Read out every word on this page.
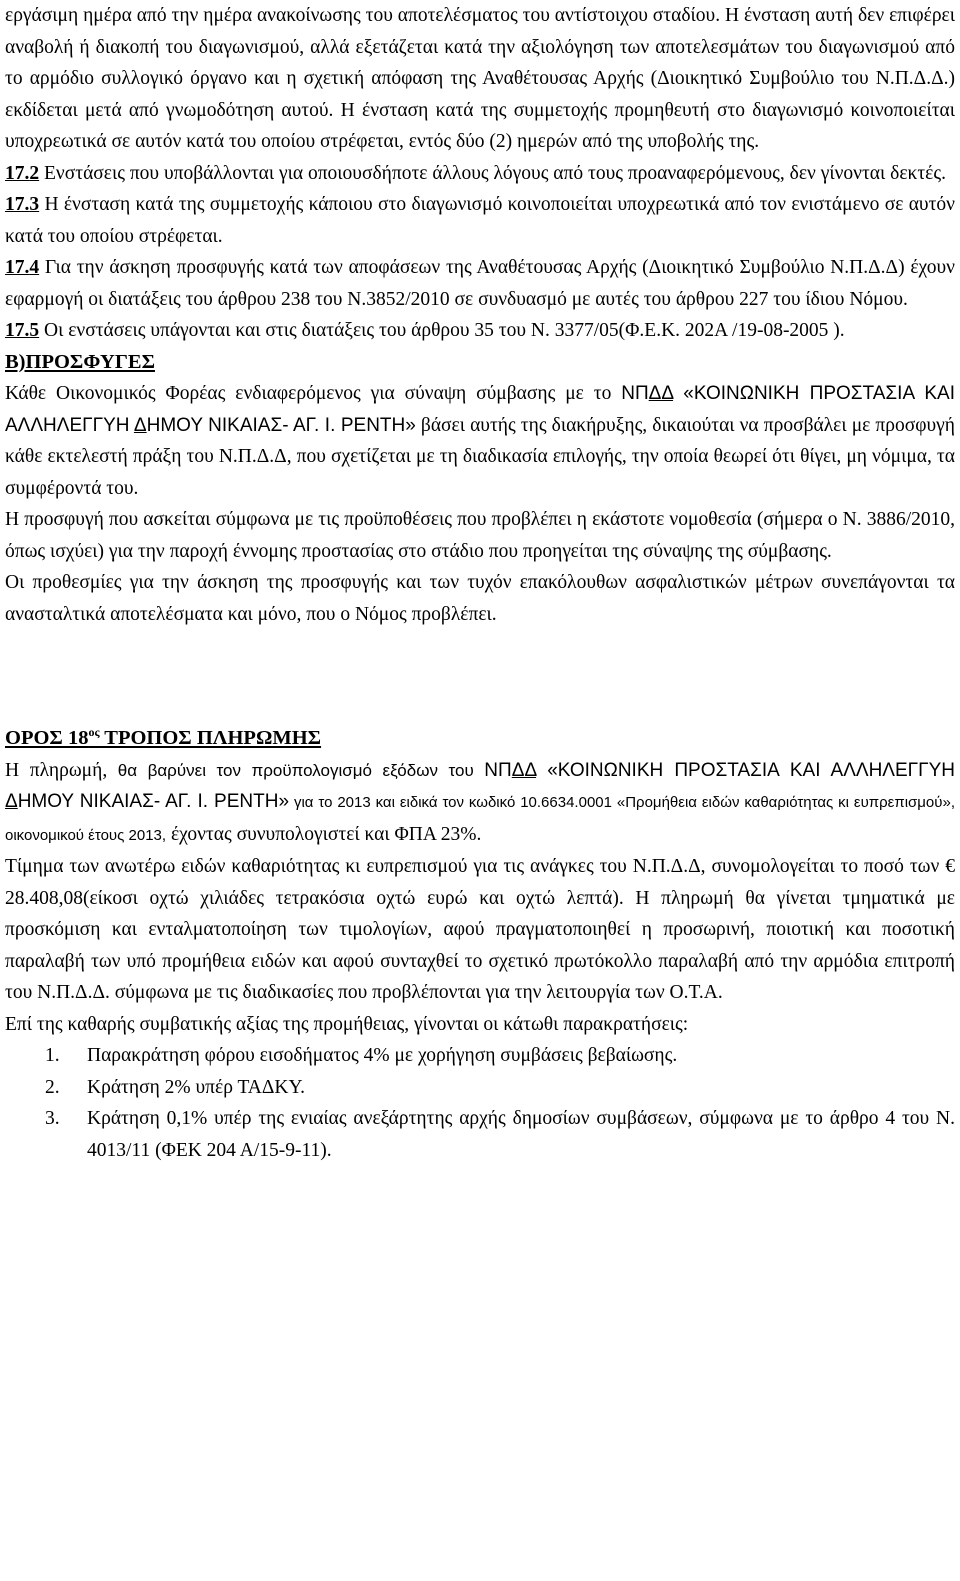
εργάσιμη ημέρα από την ημέρα ανακοίνωσης του αποτελέσματος του αντίστοιχου σταδίου. Η ένσταση αυτή δεν επιφέρει αναβολή ή διακοπή του διαγωνισμού, αλλά εξετάζεται κατά την αξιολόγηση των αποτελεσμάτων του διαγωνισμού από το αρμόδιο συλλογικό όργανο και η σχετική απόφαση της Αναθέτουσας Αρχής (Διοικητικό Συμβούλιο του Ν.Π.Δ.Δ.) εκδίδεται μετά από γνωμοδότηση αυτού. Η ένσταση κατά της συμμετοχής προμηθευτή στο διαγωνισμό κοινοποιείται υποχρεωτικά σε αυτόν κατά του οποίου στρέφεται, εντός δύο (2) ημερών από της υποβολής της.

17.2 Ενστάσεις που υποβάλλονται για οποιουσδήποτε άλλους λόγους από τους προαναφερόμενους, δεν γίνονται δεκτές.

17.3 Η ένσταση κατά της συμμετοχής κάποιου στο διαγωνισμό κοινοποιείται υποχρεωτικά από τον ενιστάμενο σε αυτόν κατά του οποίου στρέφεται.

17.4 Για την άσκηση προσφυγής κατά των αποφάσεων της Αναθέτουσας Αρχής (Διοικητικό Συμβούλιο Ν.Π.Δ.Δ) έχουν εφαρμογή οι διατάξεις του άρθρου 238 του Ν.3852/2010 σε συνδυασμό με αυτές του άρθρου 227 του ίδιου Νόμου.

17.5 Οι ενστάσεις υπάγονται και στις διατάξεις του άρθρου 35 του Ν. 3377/05(Φ.Ε.Κ. 202Α /19-08-2005 ).

Β)ΠΡΟΣΦΥΓΕΣ

Κάθε Οικονομικός Φορέας ενδιαφερόμενος για σύναψη σύμβασης με το ΝΠΔΔ «ΚΟΙΝΩΝΙΚΗ ΠΡΟΣΤΑΣΙΑ ΚΑΙ ΑΛΛΗΛΕΓΓΥΗ ΔΗΜΟΥ ΝΙΚΑΙΑΣ- ΑΓ. Ι. ΡΕΝΤΗ» βάσει αυτής της διακήρυξης, δικαιούται να προσβάλει με προσφυγή κάθε εκτελεστή πράξη του Ν.Π.Δ.Δ, που σχετίζεται με τη διαδικασία επιλογής, την οποία θεωρεί ότι θίγει, μη νόμιμα, τα συμφέροντά του.

Η προσφυγή που ασκείται σύμφωνα με τις προϋποθέσεις που προβλέπει η εκάστοτε νομοθεσία (σήμερα ο Ν. 3886/2010, όπως ισχύει) για την παροχή έννομης προστασίας στο στάδιο που προηγείται της σύναψης της σύμβασης.

Οι προθεσμίες για την άσκηση της προσφυγής και των τυχόν επακόλουθων ασφαλιστικών μέτρων συνεπάγονται τα ανασταλτικά αποτελέσματα και μόνο, που ο Νόμος προβλέπει.

ΟΡΟΣ $18^{o\varsigma}$ ΤΡΟΠΟΣ ΠΛΗΡΩΜΗΣ

Η πληρωμή, θα βαρύνει τον προϋπολογισμό εξόδων του ΝΠΔΔ «ΚΟΙΝΩΝΙΚΗ ΠΡΟΣΤΑΣΙΑ ΚΑΙ ΑΛΛΗΛΕΓΓΥΗ ΔΗΜΟΥ ΝΙΚΑΙΑΣ- ΑΓ. Ι. ΡΕΝΤΗ» για το 2013 και ειδικά τον κωδικό 10.6634.0001 «Προμήθεια ειδών καθαριότητας κι ευπρεπισμού», οικονομικού έτους 2013, έχοντας συνυπολογιστεί και ΦΠΑ 23%.

Τίμημα των ανωτέρω ειδών καθαριότητας κι ευπρεπισμού για τις ανάγκες του Ν.Π.Δ.Δ, συνομολογείται το ποσό των € 28.408,08(είκοσι οχτώ χιλιάδες τετρακόσια οχτώ ευρώ και οχτώ λεπτά). Η πληρωμή θα γίνεται τμηματικά με προσκόμιση και ενταλματοποίηση των τιμολογίων, αφού πραγματοποιηθεί η προσωρινή, ποιοτική και ποσοτική παραλαβή των υπό προμήθεια ειδών και αφού συνταχθεί το σχετικό πρωτόκολλο παραλαβή από την αρμόδια επιτροπή του Ν.Π.Δ.Δ. σύμφωνα με τις διαδικασίες που προβλέπονται για την λειτουργία των Ο.Τ.Α.

Επί της καθαρής συμβατικής αξίας της προμήθειας, γίνονται οι κάτωθι παρακρατήσεις:

1. Παρακράτηση φόρου εισοδήματος 4% με χορήγηση συμβάσεις βεβαίωσης.
2. Κράτηση 2% υπέρ ΤΑΔΚΥ.
3. Κράτηση 0,1% υπέρ της ενιαίας ανεξάρτητης αρχής δημοσίων συμβάσεων, σύμφωνα με το άρθρο 4 του Ν. 4013/11 (ΦΕΚ 204 Α/15-9-11).
